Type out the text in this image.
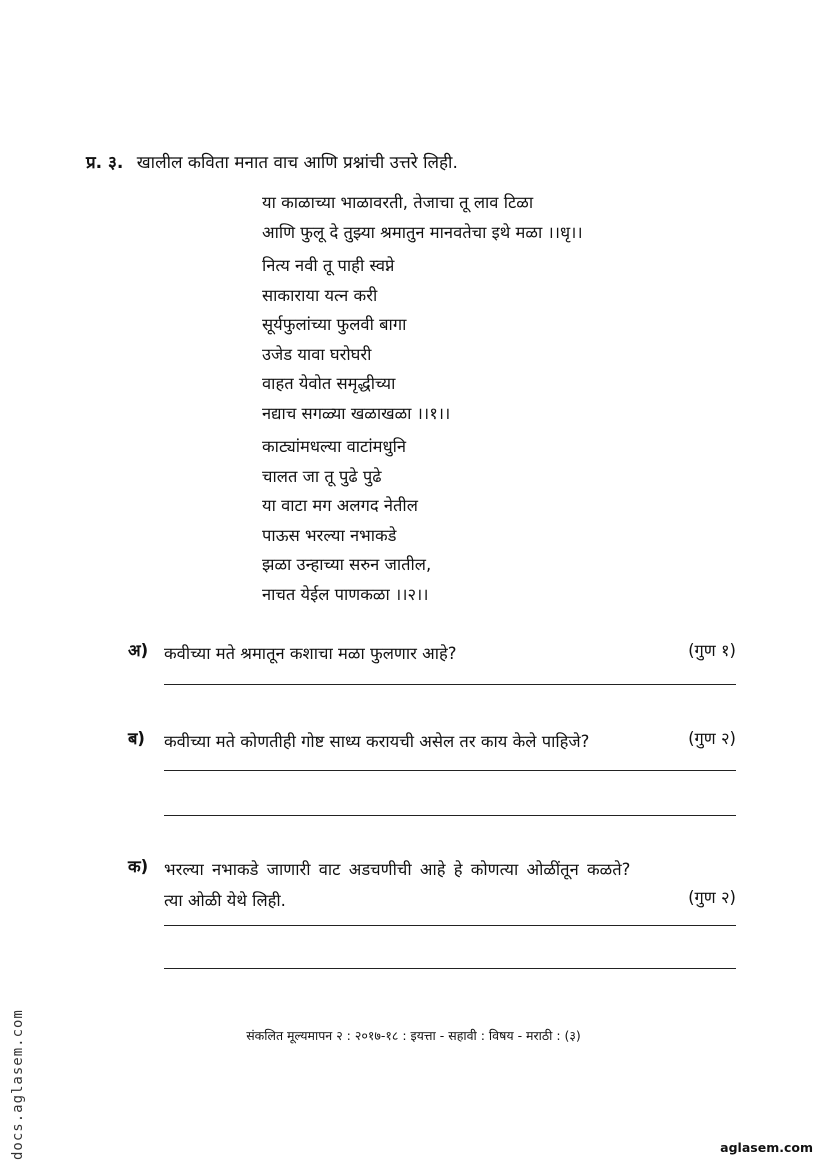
प्र. ३. खालील कविता मनात वाच आणि प्रश्नांची उत्तरे लिही.
या काळाच्या भाळावरती, तेजाचा तू लाव टिळा
आणि फुलू दे तुझ्या श्रमातुन मानवतेचा इथे मळा ।।धृ।।
नित्य नवी तू पाही स्वप्ने
साकाराया यत्न करी
सूर्यफुलांच्या फुलवी बागा
उजेड यावा घरोघरी
वाहत येवोत समृद्धीच्या
नद्याच सगळ्या खळाखळा ।।१।।
काट्यांमधल्या वाटांमधुनि
चालत जा तू पुढे पुढे
या वाटा मग अलगद नेतील
पाऊस भरल्या नभाकडे
झळा उन्हाच्या सरुन जातील,
नाचत येईल पाणकळा ।।२।।
अ) कवीच्या मते श्रमातून कशाचा मळा फुलणार आहे?	(गुण १)
ब) कवीच्या मते कोणतीही गोष्ट साध्य करायची असेल तर काय केले पाहिजे?	(गुण २)
क) भरल्या नभाकडे जाणारी वाट अडचणीची आहे हे कोणत्या ओळींतून कळते?
त्या ओळी येथे लिही.	(गुण २)
संकलित मूल्यमापन २ : २०१७-१८ : इयत्ता - सहावी : विषय - मराठी : (३)
docs.aglasem.com	aglasem.com
